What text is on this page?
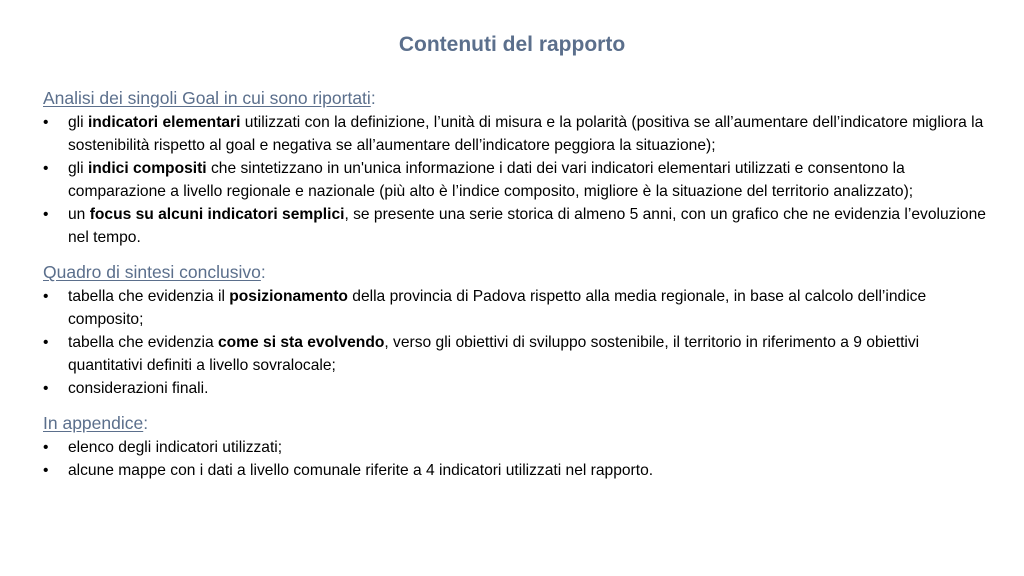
Contenuti del rapporto
Analisi dei singoli Goal in cui sono riportati:
• gli indicatori elementari utilizzati con la definizione, l’unità di misura e la polarità (positiva se all’aumentare dell’indicatore migliora la sostenibilità rispetto al goal e negativa se all’aumentare dell’indicatore peggiora la situazione);
• gli indici compositi che sintetizzano in un'unica informazione i dati dei vari indicatori elementari utilizzati e consentono la comparazione a livello regionale e nazionale (più alto è l’indice composito, migliore è la situazione del territorio analizzato);
• un focus su alcuni indicatori semplici, se presente una serie storica di almeno 5 anni, con un grafico che ne evidenzia l’evoluzione nel tempo.
Quadro di sintesi conclusivo:
• tabella che evidenzia il posizionamento della provincia di Padova rispetto alla media regionale, in base al calcolo dell’indice composito;
• tabella che evidenzia come si sta evolvendo, verso gli obiettivi di sviluppo sostenibile, il territorio in riferimento a 9 obiettivi quantitativi definiti a livello sovralocale;
• considerazioni finali.
In appendice:
• elenco degli indicatori utilizzati;
• alcune mappe con i dati a livello comunale riferite a 4 indicatori utilizzati nel rapporto.
